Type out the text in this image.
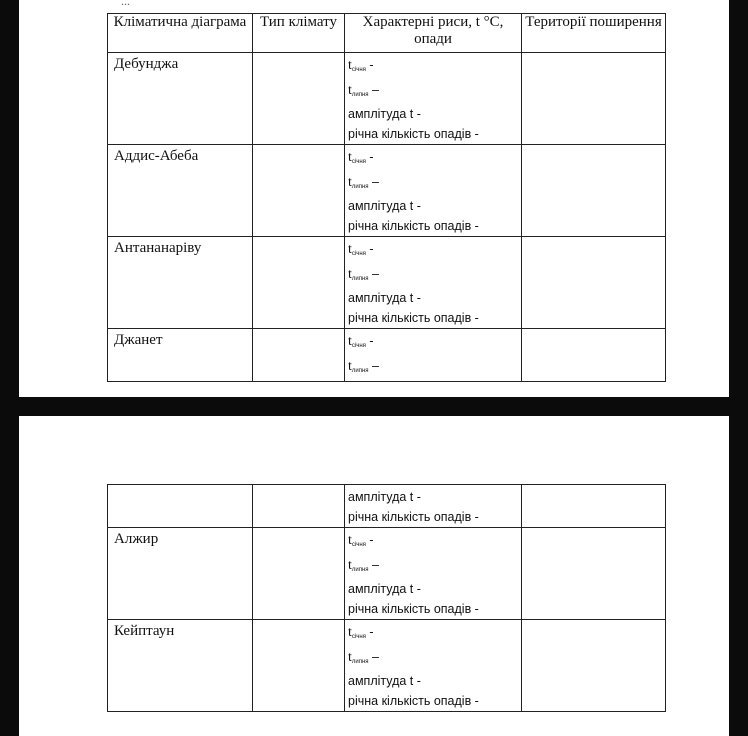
...
Кліматична діаграма	Тип клімату	Характерні риси, t °С, опади	Території поширення
Дебунджа		$t_{січня}$ -
$t_{липня}$ –
амплітуда t -
річна кількість опадів -	

Аддис-Абеба		$t_{січня}$ -
$t_{липня}$ –
амплітуда t -
річна кількість опадів -	

Антананаріву		$t_{січня}$ -
$t_{липня}$ –
амплітуда t -
річна кількість опадів -	

Джанет		$t_{січня}$ -
$t_{липня}$ –	

		амплітуда t -
річна кількість опадів -	

Алжир		$t_{січня}$ -
$t_{липня}$ –
амплітуда t -
річна кількість опадів -	

Кейптаун		$t_{січня}$ -
$t_{липня}$ –
амплітуда t -
річна кількість опадів -	
